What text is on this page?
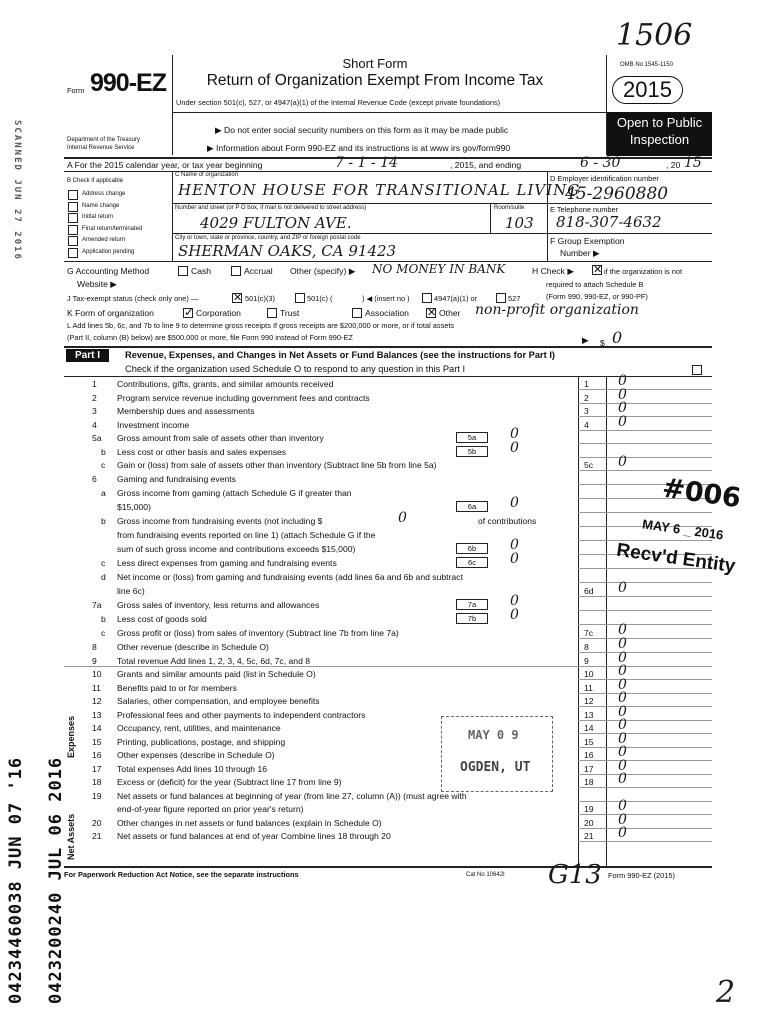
1506
SCANNED JUN 27 2016
Form 990-EZ
Department of the Treasury
Internal Revenue Service
Short Form
Return of Organization Exempt From Income Tax
Under section 501(c), 527, or 4947(a)(1) of the Internal Revenue Code (except private foundations)
▶ Do not enter social security numbers on this form as it may be made public
▶ Information about Form 990-EZ and its instructions is at www irs gov/form990
OMB No 1545-1150
2015
Open to Public
Inspection
A For the 2015 calendar year, or tax year beginning	7 - 1 - 14	, 2015, and ending	6 - 30	, 20 15
B Check if applicable
Address change
Name change
Initial return
Final return/terminated
Amended return
Application pending
C Name of organization
HENTON HOUSE FOR TRANSITIONAL LIVING
Number and street (or P O box, if mail is not delivered to street address)	Room/suite
4029 FULTON AVE.	103
City or town, state or province, country, and ZIP or foreign postal code
SHERMAN OAKS, CA 91423
D Employer identification number
45-2960880
E Telephone number
818-307-4632
F Group Exemption
Number ▶
G Accounting Method	Cash	Accrual Other (specify) ▶ NO MONEY IN BANK	H Check ▶ ✕ if the organization is not
required to attach Schedule B
(Form 990, 990-EZ, or 990-PF)
Website ▶
J Tax-exempt status (check only one) —	✕ 501(c)(3)	501(c) (	) ◀ (insert no )	4947(a)(1) or	527
K Form of organization	✓ Corporation	Trust	Association ✕ Other non-profit organization
L Add lines 5b, 6c, and 7b to line 9 to determine gross receipts If gross receipts are $200,000 or more, or if total assets
(Part II, column (B) below) are $500,000 or more, file Form 990 instead of Form 990-EZ	▶ $ 0
Part I	Revenue, Expenses, and Changes in Net Assets or Fund Balances (see the instructions for Part I)
Check if the organization used Schedule O to respond to any question in this Part I
Expenses
Net Assets
1 Contributions, gifts, grants, and similar amounts received	1 0
2 Program service revenue including government fees and contracts	2 0
3 Membership dues and assessments	3 0
4 Investment income	4 0
5a Gross amount from sale of assets other than inventory	5a	0
b Less cost or other basis and sales expenses	5b	0
c Gain or (loss) from sale of assets other than inventory (Subtract line 5b from line 5a)	5c 0
6 Gaming and fundraising events
a Gross income from gaming (attach Schedule G if greater than
$15,000)	6a	0
b Gross income from fundraising events (not including $	0	of contributions
from fundraising events reported on line 1) (attach Schedule G if the
sum of such gross income and contributions exceeds $15,000)	6b	0
c Less direct expenses from gaming and fundraising events	6c	0
d Net income or (loss) from gaming and fundraising events (add lines 6a and 6b and subtract
line 6c)	6d 0
7a Gross sales of inventory, less returns and allowances	7a	0
b Less cost of goods sold	7b	0
c Gross profit or (loss) from sales of inventory (Subtract line 7b from line 7a)	7c 0
8 Other revenue (describe in Schedule O)	8 0
9 Total revenue Add lines 1, 2, 3, 4, 5c, 6d, 7c, and 8	9 0
10 Grants and similar amounts paid (list in Schedule O)	10 0
11 Benefits paid to or for members	11 0
12 Salaries, other compensation, and employee benefits	12 0
13 Professional fees and other payments to independent contractors	13 0
14 Occupancy, rent, utilities, and maintenance	14 0
15 Printing, publications, postage, and shipping	15 0
16 Other expenses (describe in Schedule O)	16 0
17 Total expenses Add lines 10 through 16	17 0
18 Excess or (deficit) for the year (Subtract line 17 from line 9)	18 0
19 Net assets or fund balances at beginning of year (from line 27, column (A)) (must agree with
end-of-year figure reported on prior year's return)	19 0
20 Other changes in net assets or fund balances (explain in Schedule O)	20 0
21 Net assets or fund balances at end of year Combine lines 18 through 20	21 0
For Paperwork Reduction Act Notice, see the separate instructions	Cat No 10642I	Form 990-EZ (2015)
G13
#006
MAY 6 _ 2016
Recv'd Entity
MAY 0 9
OGDEN, UT
0423200240 JUL 06 2016
04234460038 JUN 07 '16	2
